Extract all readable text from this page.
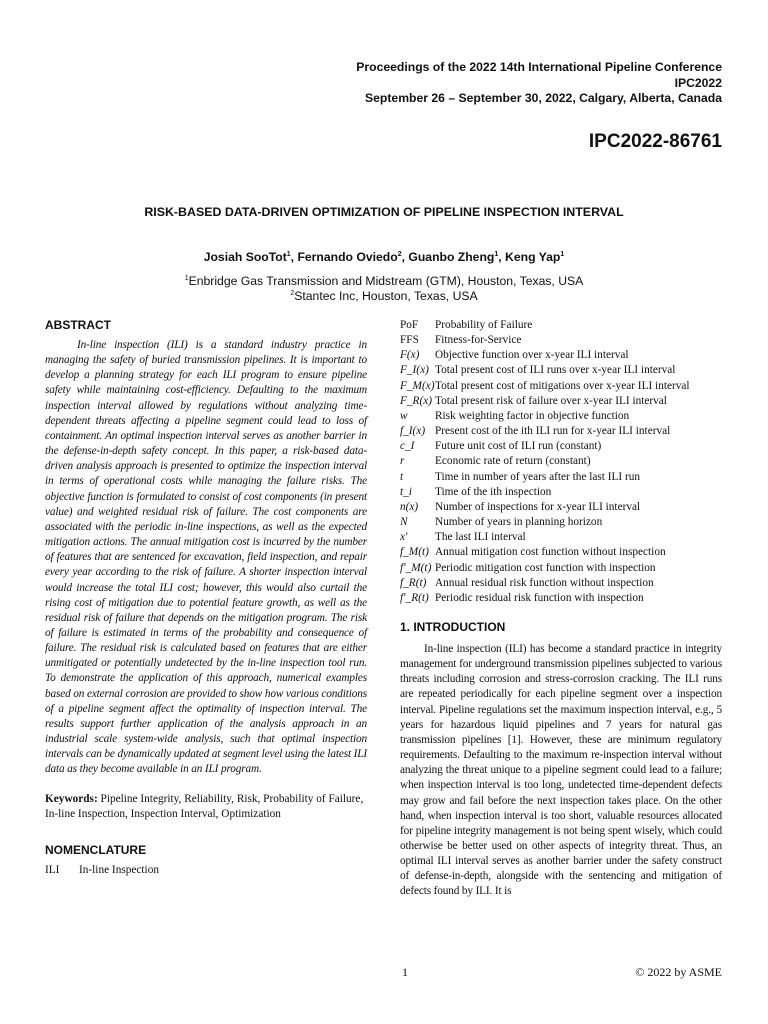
Proceedings of the 2022 14th International Pipeline Conference
IPC2022
September 26 – September 30, 2022, Calgary, Alberta, Canada
IPC2022-86761
RISK-BASED DATA-DRIVEN OPTIMIZATION OF PIPELINE INSPECTION INTERVAL
Josiah SooTot$^1$, Fernando Oviedo$^2$, Guanbo Zheng$^1$, Keng Yap$^1$
$^1$Enbridge Gas Transmission and Midstream (GTM), Houston, Texas, USA
$^2$Stantec Inc, Houston, Texas, USA
ABSTRACT

In-line inspection (ILI) is a standard industry practice in managing the safety of buried transmission pipelines. It is important to develop a planning strategy for each ILI program to ensure pipeline safety while maintaining cost-efficiency. Defaulting to the maximum inspection interval allowed by regulations without analyzing time-dependent threats affecting a pipeline segment could lead to loss of containment. An optimal inspection interval serves as another barrier in the defense-in-depth safety concept. In this paper, a risk-based data-driven analysis approach is presented to optimize the inspection interval in terms of operational costs while managing the failure risks. The objective function is formulated to consist of cost components (in present value) and weighted residual risk of failure. The cost components are associated with the periodic in-line inspections, as well as the expected mitigation actions. The annual mitigation cost is incurred by the number of features that are sentenced for excavation, field inspection, and repair every year according to the risk of failure. A shorter inspection interval would increase the total ILI cost; however, this would also curtail the rising cost of mitigation due to potential feature growth, as well as the residual risk of failure that depends on the mitigation program. The risk of failure is estimated in terms of the probability and consequence of failure. The residual risk is calculated based on features that are either unmitigated or potentially undetected by the in-line inspection tool run. To demonstrate the application of this approach, numerical examples based on external corrosion are provided to show how various conditions of a pipeline segment affect the optimality of inspection interval. The results support further application of the analysis approach in an industrial scale system-wide analysis, such that optimal inspection intervals can be dynamically updated at segment level using the latest ILI data as they become available in an ILI program.

Keywords: Pipeline Integrity, Reliability, Risk, Probability of Failure, In-line Inspection, Inspection Interval, Optimization

NOMENCLATURE
ILI	In-line Inspection
PoF	Probability of Failure
FFS	Fitness-for-Service
F(x)	Objective function over x-year ILI interval
F_I(x) Total present cost of ILI runs over x-year ILI interval
F_M(x) Total present cost of mitigations over x-year ILI interval
F_R(x) Total present risk of failure over x-year ILI interval
w	Risk weighting factor in objective function
f_I(x) Present cost of the ith ILI run for x-year ILI interval
c_I	Future unit cost of ILI run (constant)
r	Economic rate of return (constant)
t	Time in number of years after the last ILI run
t_i	Time of the ith inspection
n(x)	Number of inspections for x-year ILI interval
N	Number of years in planning horizon
x′	The last ILI interval
f_M(t) Annual mitigation cost function without inspection
f′_M(t) Periodic mitigation cost function with inspection
f_R(t) Annual residual risk function without inspection
f′_R(t) Periodic residual risk function with inspection
1. INTRODUCTION

In-line inspection (ILI) has become a standard practice in integrity management for underground transmission pipelines subjected to various threats including corrosion and stress-corrosion cracking. The ILI runs are repeated periodically for each pipeline segment over a inspection interval. Pipeline regulations set the maximum inspection interval, e.g., 5 years for hazardous liquid pipelines and 7 years for natural gas transmission pipelines [1]. However, these are minimum regulatory requirements. Defaulting to the maximum re-inspection interval without analyzing the threat unique to a pipeline segment could lead to a failure; when inspection interval is too long, undetected time-dependent defects may grow and fail before the next inspection takes place. On the other hand, when inspection interval is too short, valuable resources allocated for pipeline integrity management is not being spent wisely, which could otherwise be better used on other aspects of integrity threat. Thus, an optimal ILI interval serves as another barrier under the safety construct of defense-in-depth, alongside with the sentencing and mitigation of defects found by ILI. It is

1	© 2022 by ASME
